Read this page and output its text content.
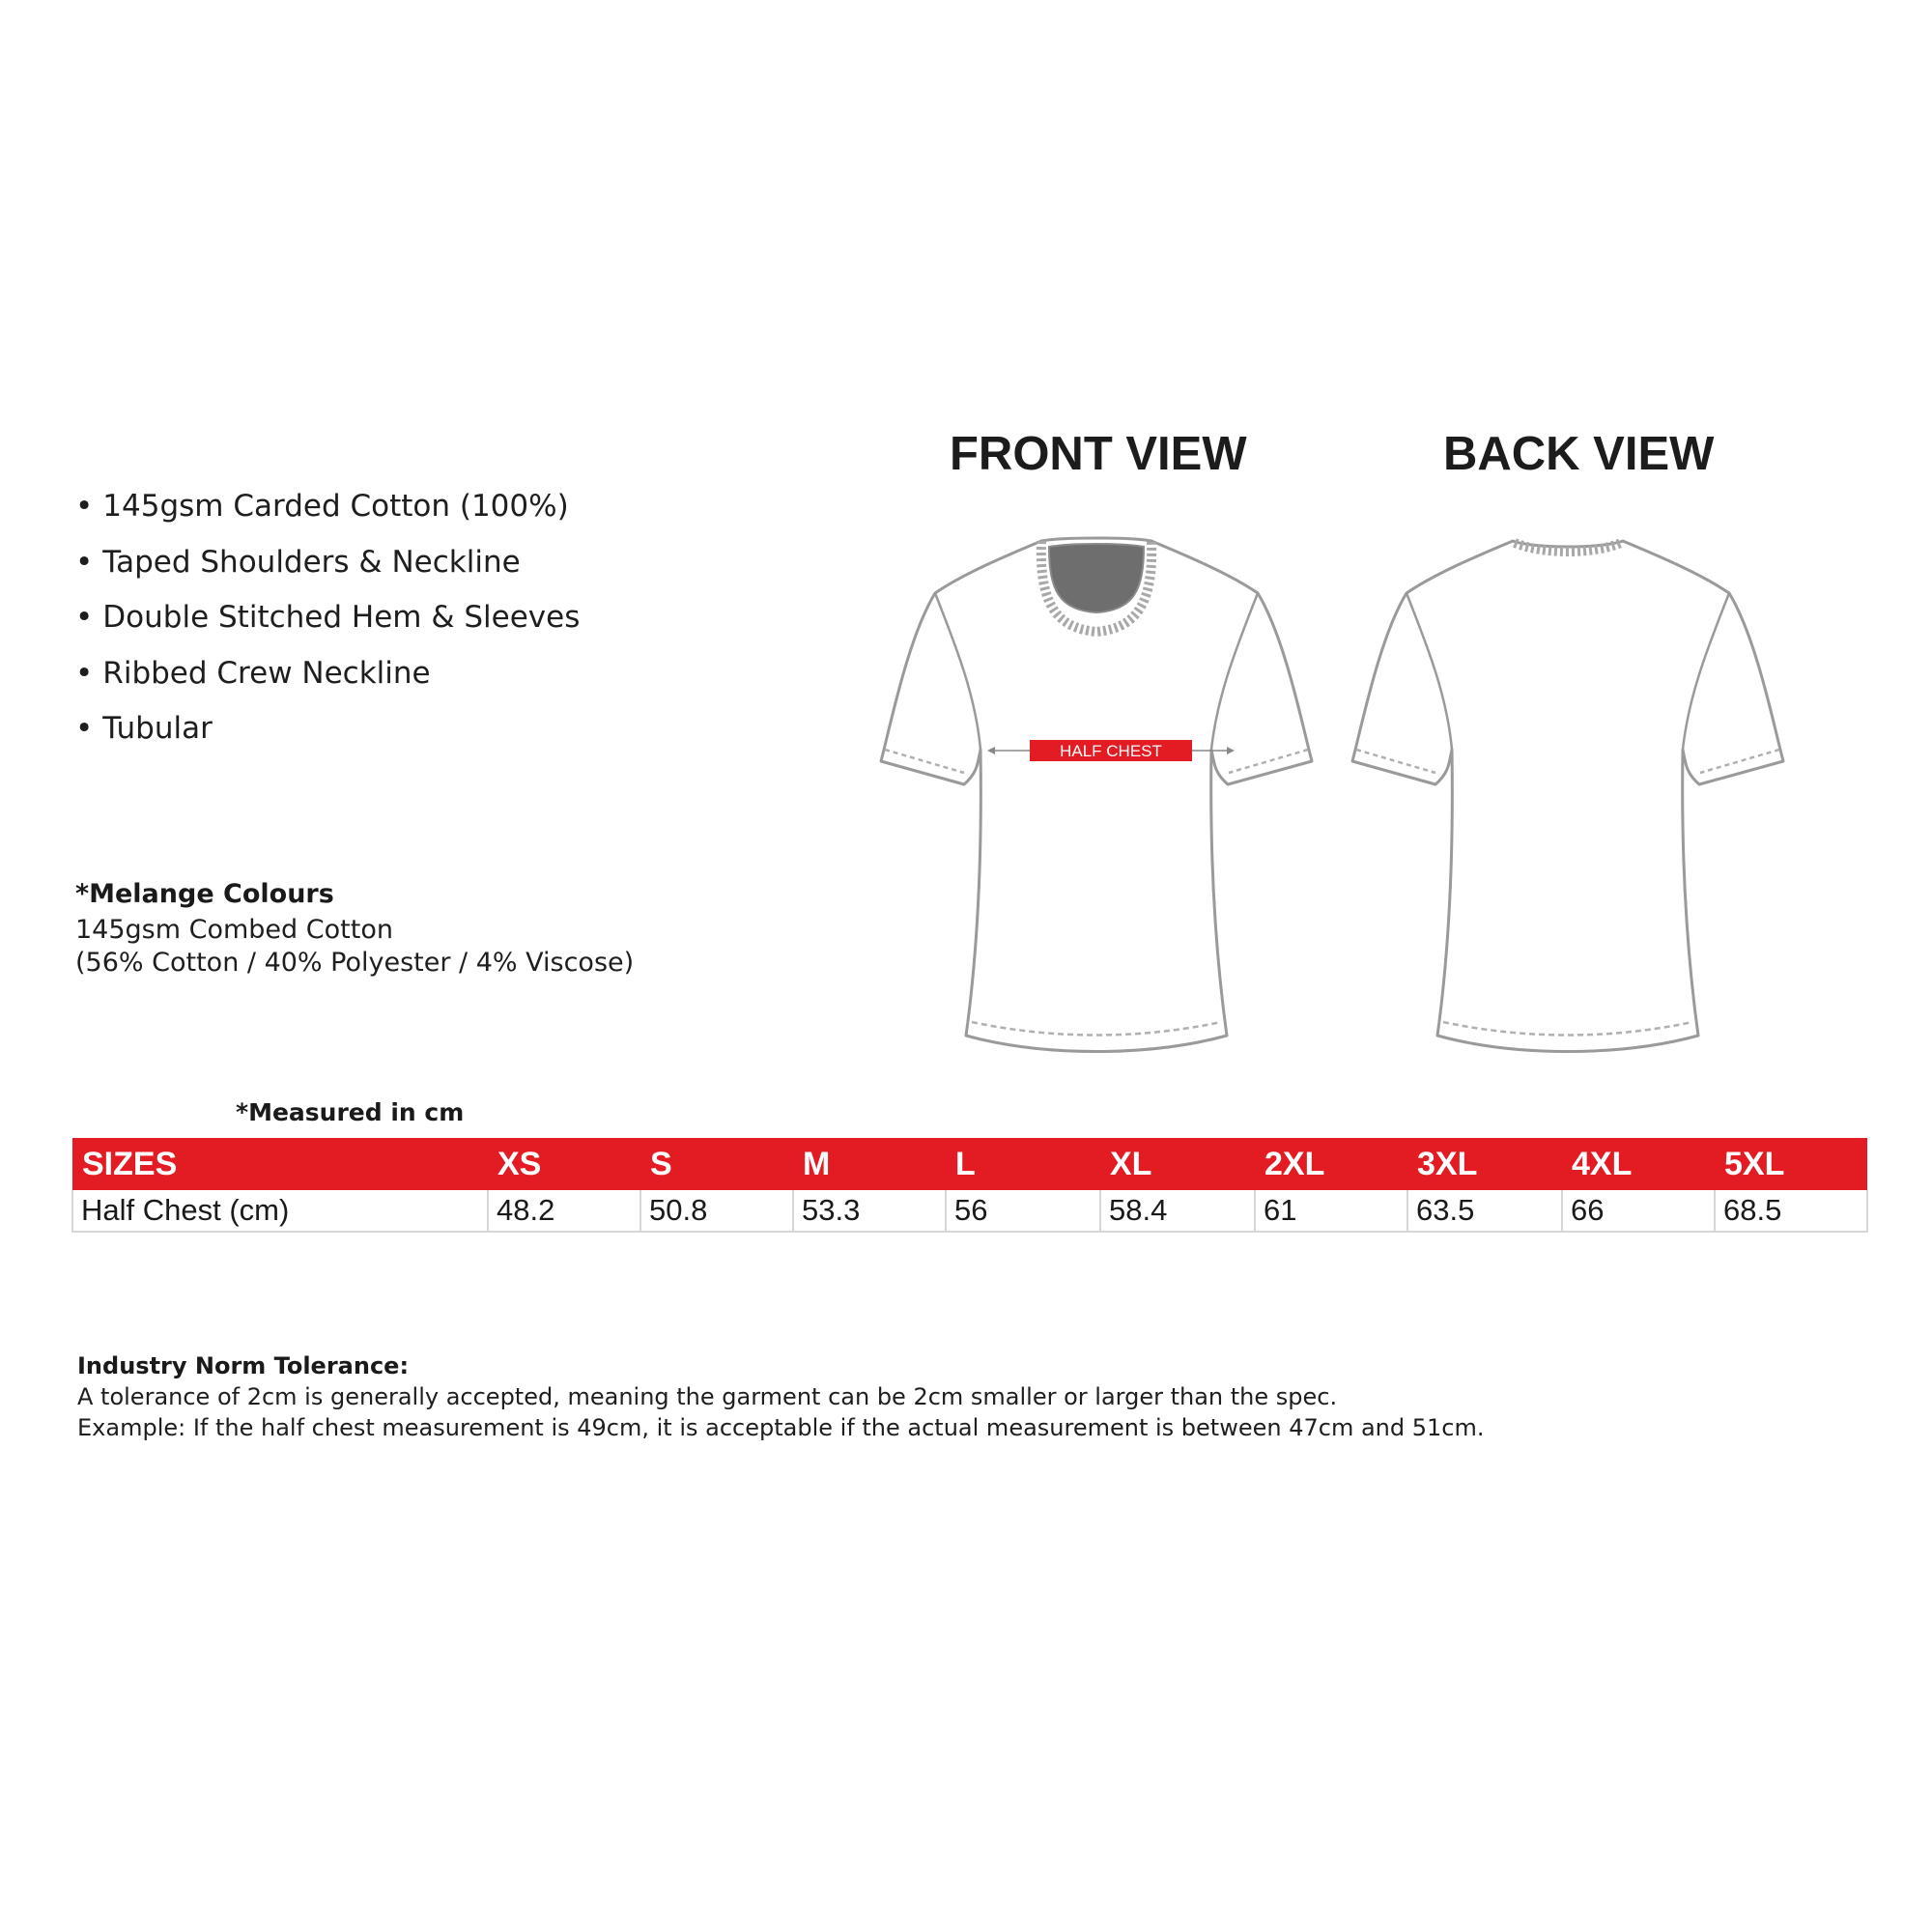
• 145gsm Carded Cotton (100%)
• Taped Shoulders & Neckline
• Double Stitched Hem & Sleeves
• Ribbed Crew Neckline
• Tubular
*Melange Colours
145gsm Combed Cotton
(56% Cotton / 40% Polyester / 4% Viscose)
FRONT VIEW	BACK VIEW
HALF CHEST
*Measured in cm
SIZES	XS	S	M	L	XL	2XL	3XL	4XL	5XL
Half Chest (cm)	48.2	50.8	53.3	56	58.4	61	63.5	66	68.5
Industry Norm Tolerance:
A tolerance of 2cm is generally accepted, meaning the garment can be 2cm smaller or larger than the spec.
Example: If the half chest measurement is 49cm, it is acceptable if the actual measurement is between 47cm and 51cm.
